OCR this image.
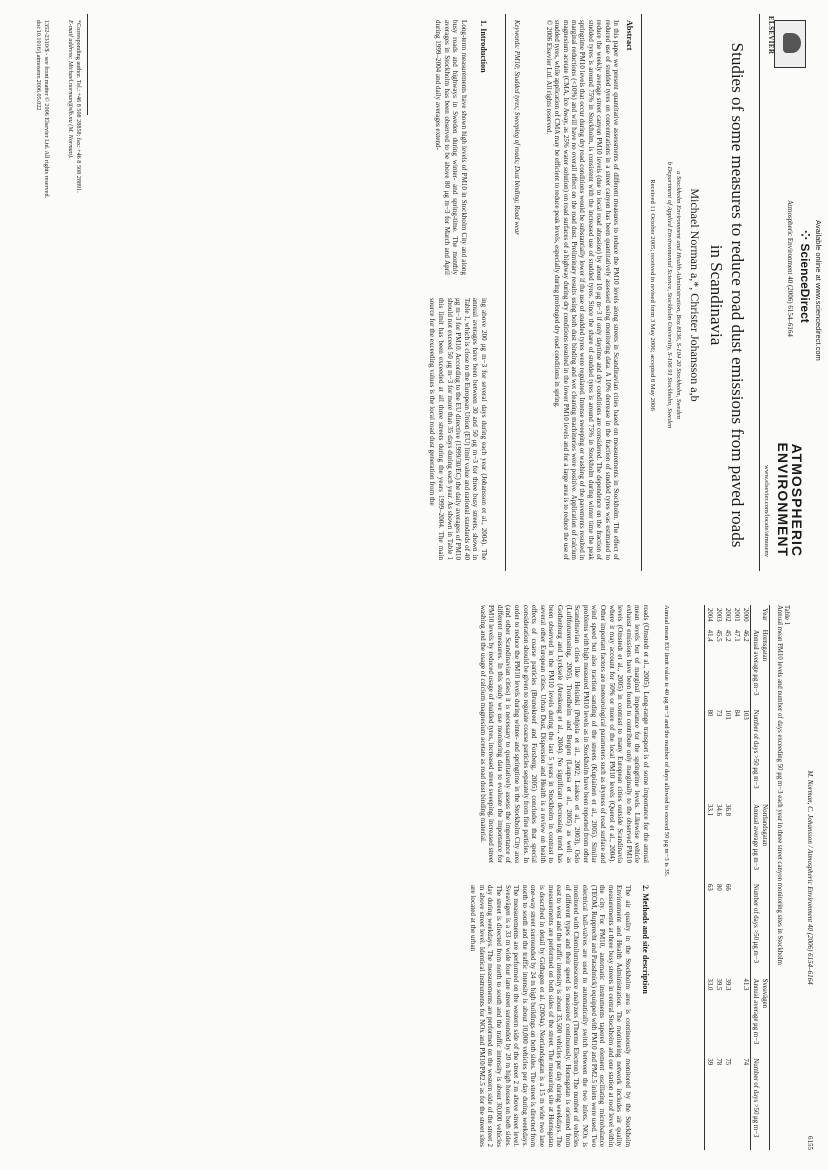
ELSEVIER
Available online at www.sciencedirect.com
⁘ ScienceDirect
Atmospheric Environment 40 (2006) 6154–6164
ATMOSPHERIC
ENVIRONMENT
www.elsevier.com/locate/atmosenv
Studies of some measures to reduce road dust emissions from paved roads in Scandinavia
Michael Norman a,*, Christer Johansson a,b
a Stockholm Environment and Health Administration, Box 8136, S-104 20 Stockholm, Sweden
b Department of Applied Environmental Science, Stockholm University, S-106 91 Stockholm, Sweden
Received 11 October 2005; received in revised form 3 May 2006; accepted 8 May 2006
Abstract
In this paper we present quantitative assessments of different measures to reduce the PM10 levels along streets in Scandinavian cities based on measurements in Stockholm. The effect of reduced use of studded tyres on concentrations in a street canyon has been quantitatively assessed using monitoring data. A 10% decrease in the fraction of studded tyres was estimated to reduce the weekly average street canyon PM10 levels (due to local road abrasion) by about 10 μg m−3 if only daytime and dry conditions are considered. The dependence on the fraction of studded tyres is around 75% in Stockholm, is consistent with the increased use of studded tyres. Since the share of studded tyres is around 75% in Stockholm during winter time the peak springtime PM10 levels that occur during dry road conditions would be substantially lower if the use of studded tyres were regulated. Intense sweeping or washing of the pavements resulted in marginal reductions (<10%) and will have no overall effect on the road dust. Preliminary results using both dust binding and wet cleaning machineries were positive. Application of calcium magnesium acetate (CMA, Ice Away, as 25% water solution) on road surfaces of a highway during dry conditions resulted in the lower PM10 levels and for a large area is to reduce the use of studded tyres, while application of CMA may be efficient to reduce peak levels, especially during prolonged dry road conditions in spring.
© 2006 Elsevier Ltd. All rights reserved.
Keywords: PM10; Studded tyres; Sweeping of roads; Dust binding; Road wear
1. Introduction
Long-term measurements have shown high levels of PM10 in Stockholm City and along busy roads and highways in Sweden during winter- and spring-time. The monthly averages in Stockholm has been observed to be above 80 μg m−3 for March and April during 1999–2004 and daily averages extend-
ing above 200 μg m−3 for several days during each year (Johansson et al., 2004). The annual averages have been between 30 and 50 μg m−3 for three busy streets, shown in Table 1, which is close to the European Union (EU) limit value and national standards of 40 μg m−3 for PM10. According to the EU directive (1999/30/EC) the daily averages of PM10 should not exceed 50 μg m−3 for more than 35 days during each year. As shown in Table 1 this limit has been exceeded at all three streets during the years 1999–2004. The main source for the exceeding values is the local road dust generation from the
*Corresponding author. Tel.: +46 8 508 28858; fax: +46 8 508 28891.
E-mail address: Michael.norman@slb.nu (M. Norman).
1352-2310/$ - see front matter © 2006 Elsevier Ltd. All rights reserved.
doi:10.1016/j.atmosenv.2006.05.022
M. Norman, C. Johansson / Atmospheric Environment 40 (2006) 6154–6164
6155
Table 1
Annual mean PM10 levels and number of days exceeding 50 μg m−3 each year in three street canyon monitoring sites in Stockholm
Year	Hornsgatan		Norrlandsgatan		Sveavägen	
	Annual average μg m−3	Number of days >50 μg m−3	Annual average μg m−3	Number of days >50 μg m−3	Annual average μg m−3	Number of days >50 μg m−3
2000	46.2	103			41.3	74
2001	47.1	84				
2002	45.2	101	36.8	66	39.3	75
2003	45.5	73	34.6	80	39.5	78
2004	41.4	80	33.1	63	33.0	39
Annual mean EU limit value is 40 μg m−3 and the number of days allowed to exceed 50 μg m−3 is 35.
roads (Omstedt et al., 2005). Long-range transport is of some importance for the annual mean levels but of marginal importance for the springtime levels. Likewise vehicle exhaust emissions have been found to contribute only marginally to the observed PM10 levels (Omstedt et al., 2005) in contrast to many European cities outside Scandinavia where it may account for 50% or more of the local PM10 levels (Querol et al., 2004). Other important factors are meteorological parameters such as dryness of road surface and wind speed but also traction sanding of the streets (Kupiainen et al., 2005). Similar problems with high measured PM10 levels as in Stockholm have been reported from other Scandinavian cities like Helsinki (Pohjola et al., 2002; Laakso et al., 2003), Oslo (Luftforurensning, 2005), Trondheim and Bergen (Laupsa et al., 2005) as well as Gothenburg and Lycksele (Areskoug et al., 2004). No significant decreasing trend has been observed in the PM10 levels during the last 5 years in Stockholm in contrast to several other European cities. Urban Dust, Dispersion and Health is a review on health effects of coarse particles (Brunekreef and Forsberg, 2005) concludes that special consideration should be given to regulate coarse particles separately from fine particles. In order to reduce the PM10 levels during winter- and springtime in the Stockholm City area (and other Scandinavian cities) it is necessary to quantitatively assess the importance of different measures. In this study we use monitoring data to evaluate the importance for PM10 levels by reduced usage of studded tyres, increased street sweeping, increased street washing and the usage of calcium magnesium acetate as road dust binding material.
2. Methods and site description
The air quality in the Stockholm area is continuously monitored by the Stockholm Environment and Health Administration. The monitoring network includes air quality measurements at three busy streets in central Stockholm and one station at roof level within the city. For PM10, automatic instruments tapered element oscillating microbalance (TEOM, Rupprecht and Patashnick) equipped with PM10 and PM2.5 inlets were used. Two electrical ball-valves are used to automatically switch between the two inlets. NOx is monitored with Chemiluminescence analyzers (Thermo Electron). The number of vehicles of different types and their speed is measured continuously. Hornsgatan is oriented from east to west and the traffic intensity is about 35,500 vehicles per day during weekdays. The measurements are performed on both sides of the street. The measuring site at Hornsgatan is described in detail by Gidhagen et al. (2004a). Norrlandsgatan is a 15 m wide two lane one-way street surrounded by 24 m high buildings on both sides. The street is directed from north to south and the traffic intensity is about 10,000 vehicles per day during weekdays. The measurements are performed on the western side of the street 2 m above street level. Sveavägen is a 33 m wide four lane street surrounded by 20 m high houses on both sides. The street is directed from north to south and the traffic intensity is about 30,000 vehicles day during weekdays. The measurements are performed on the western side of the street 2 m above street level. Identical instruments for NOx and PM10/PM2.5 as for the street sites are located at the urban
